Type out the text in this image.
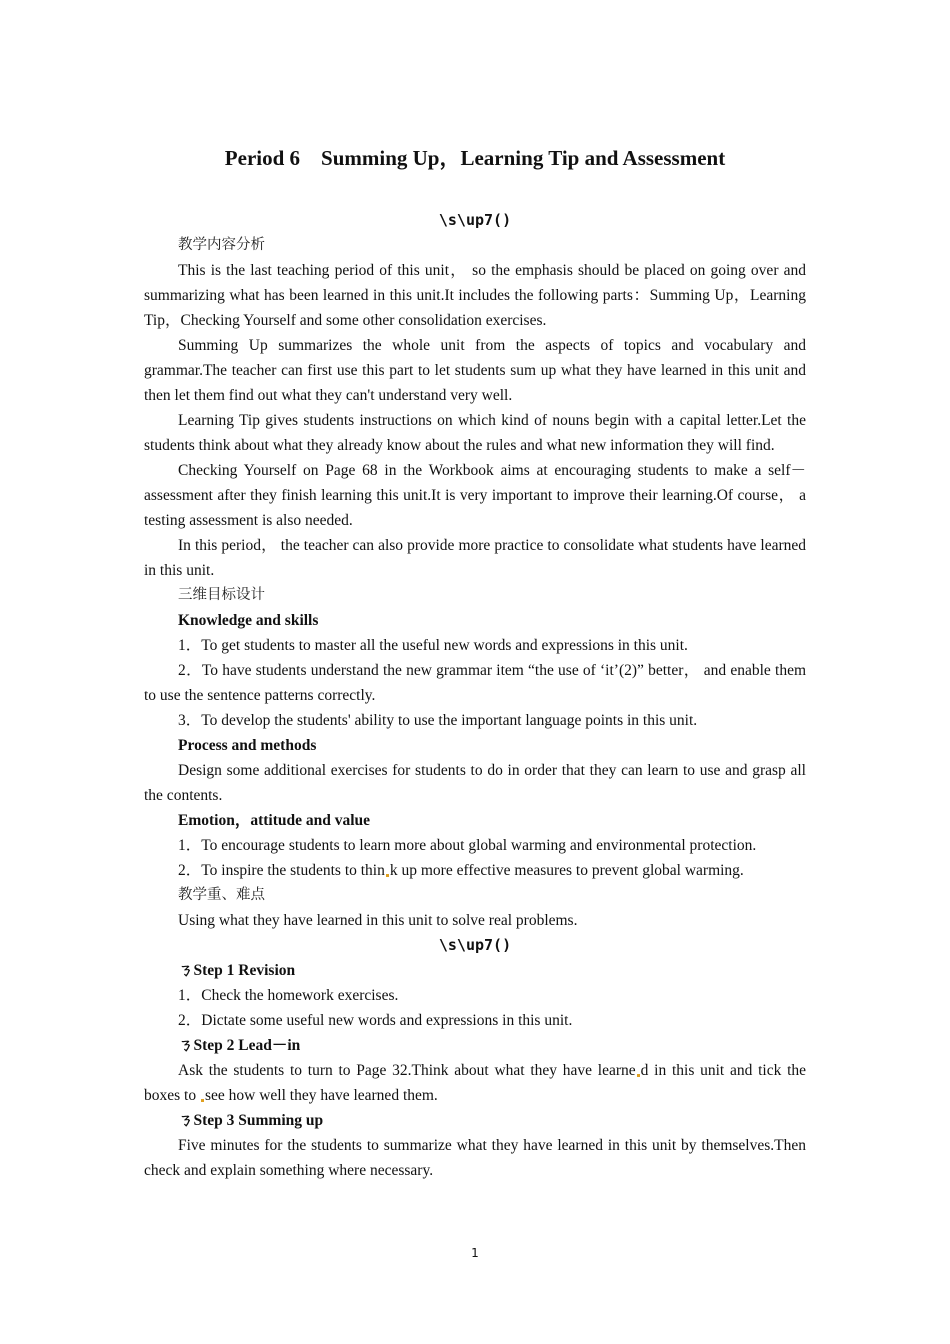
Period 6    Summing Up，Learning Tip and Assessment

\s\up7()

教学内容分析

This is the last teaching period of this unit， so the emphasis should be placed on going over and summarizing what has been learned in this unit.It includes the following parts：Summing Up，Learning Tip，Checking Yourself and some other consolidation exercises.

Summing Up summarizes the whole unit from the aspects of topics and vocabulary and grammar.The teacher can first use this part to let students sum up what they have learned in this unit and then let them find out what they can't understand very well.

Learning Tip gives students instructions on which kind of nouns begin with a capital letter.Let the students think about what they already know about the rules and what new information they will find.

Checking Yourself on Page 68 in the Workbook aims at encouraging students to make a self－assessment after they finish learning this unit.It is very important to improve their learning.Of course， a testing assessment is also needed.

In this period， the teacher can also provide more practice to consolidate what students have learned in this unit.

三维目标设计

Knowledge and skills

1．To get students to master all the useful new words and expressions in this unit.

2．To have students understand the new grammar item “the use of ‘it’(2)” better， and enable them to use the sentence patterns correctly.

3．To develop the students' ability to use the important language points in this unit.

Process and methods

Design some additional exercises for students to do in order that they can learn to use and grasp all the contents.

Emotion，attitude and value

1．To encourage students to learn more about global warming and environmental protection.

2．To inspire the students to thin k up more effective measures to prevent global warming.

教学重、难点

Using what they have learned in this unit to solve real problems.

\s\up7()

ㄋStep 1 Revision

1．Check the homework exercises.

2．Dictate some useful new words and expressions in this unit.

ㄋStep 2 Lead－in

Ask the students to turn to Page 32.Think about what they have learne d in this unit and tick the boxes to see how well they have learned them.

ㄋStep 3 Summing up

Five minutes for the students to summarize what they have learned in this unit by themselves.Then check and explain something where necessary.

1
